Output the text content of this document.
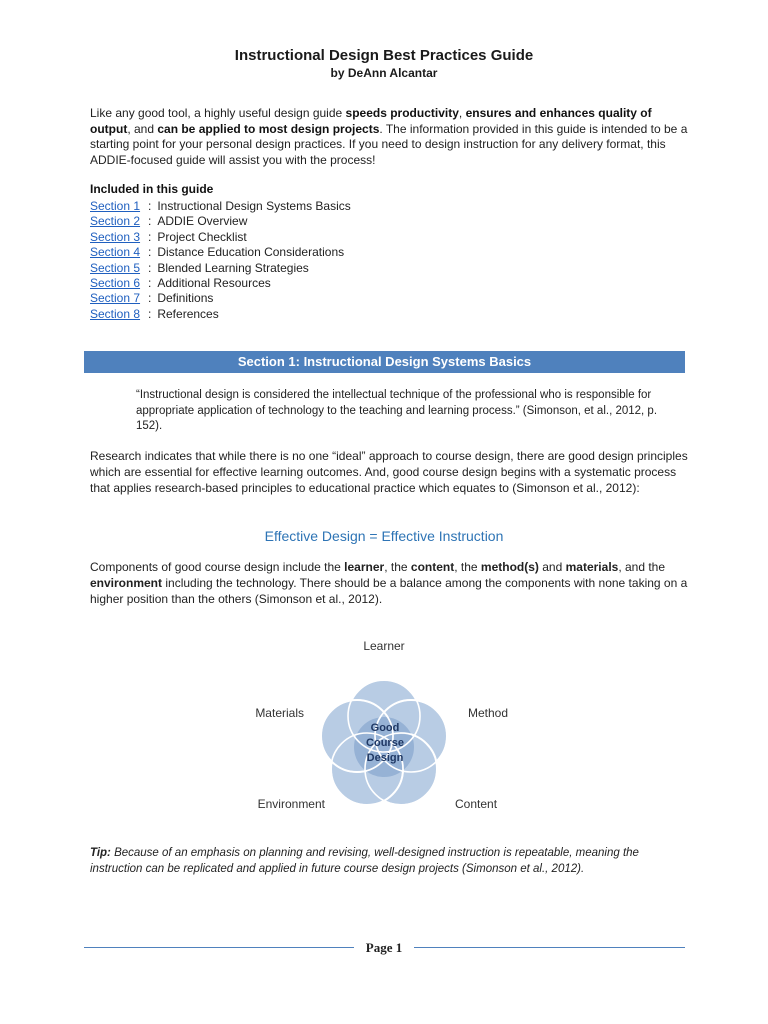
Instructional Design Best Practices Guide
by DeAnn Alcantar

Like any good tool, a highly useful design guide speeds productivity, ensures and enhances quality of output, and can be applied to most design projects. The information provided in this guide is intended to be a starting point for your personal design practices. If you need to design instruction for any delivery format, this ADDIE-focused guide will assist you with the process!

Included in this guide
Section 1 : Instructional Design Systems Basics
Section 2 : ADDIE Overview
Section 3 : Project Checklist
Section 4 : Distance Education Considerations
Section 5 : Blended Learning Strategies
Section 6 : Additional Resources
Section 7 : Definitions
Section 8 : References
Section 1: Instructional Design Systems Basics

“Instructional design is considered the intellectual technique of the professional who is responsible for appropriate application of technology to the teaching and learning process.” (Simonson, et al., 2012, p. 152).

Research indicates that while there is no one “ideal” approach to course design, there are good design principles which are essential for effective learning outcomes. And, good course design begins with a systematic process that applies research-based principles to educational practice which equates to (Simonson et al., 2012):

Effective Design = Effective Instruction

Components of good course design include the learner, the content, the method(s) and materials, and the environment including the technology. There should be a balance among the components with none taking on a higher position than the others (Simonson et al., 2012).

Good
Course
Design
Learner
Method
Content
Environment
Materials

Tip: Because of an emphasis on planning and revising, well-designed instruction is repeatable, meaning the instruction can be replicated and applied in future course design projects (Simonson et al., 2012).

Page 1
